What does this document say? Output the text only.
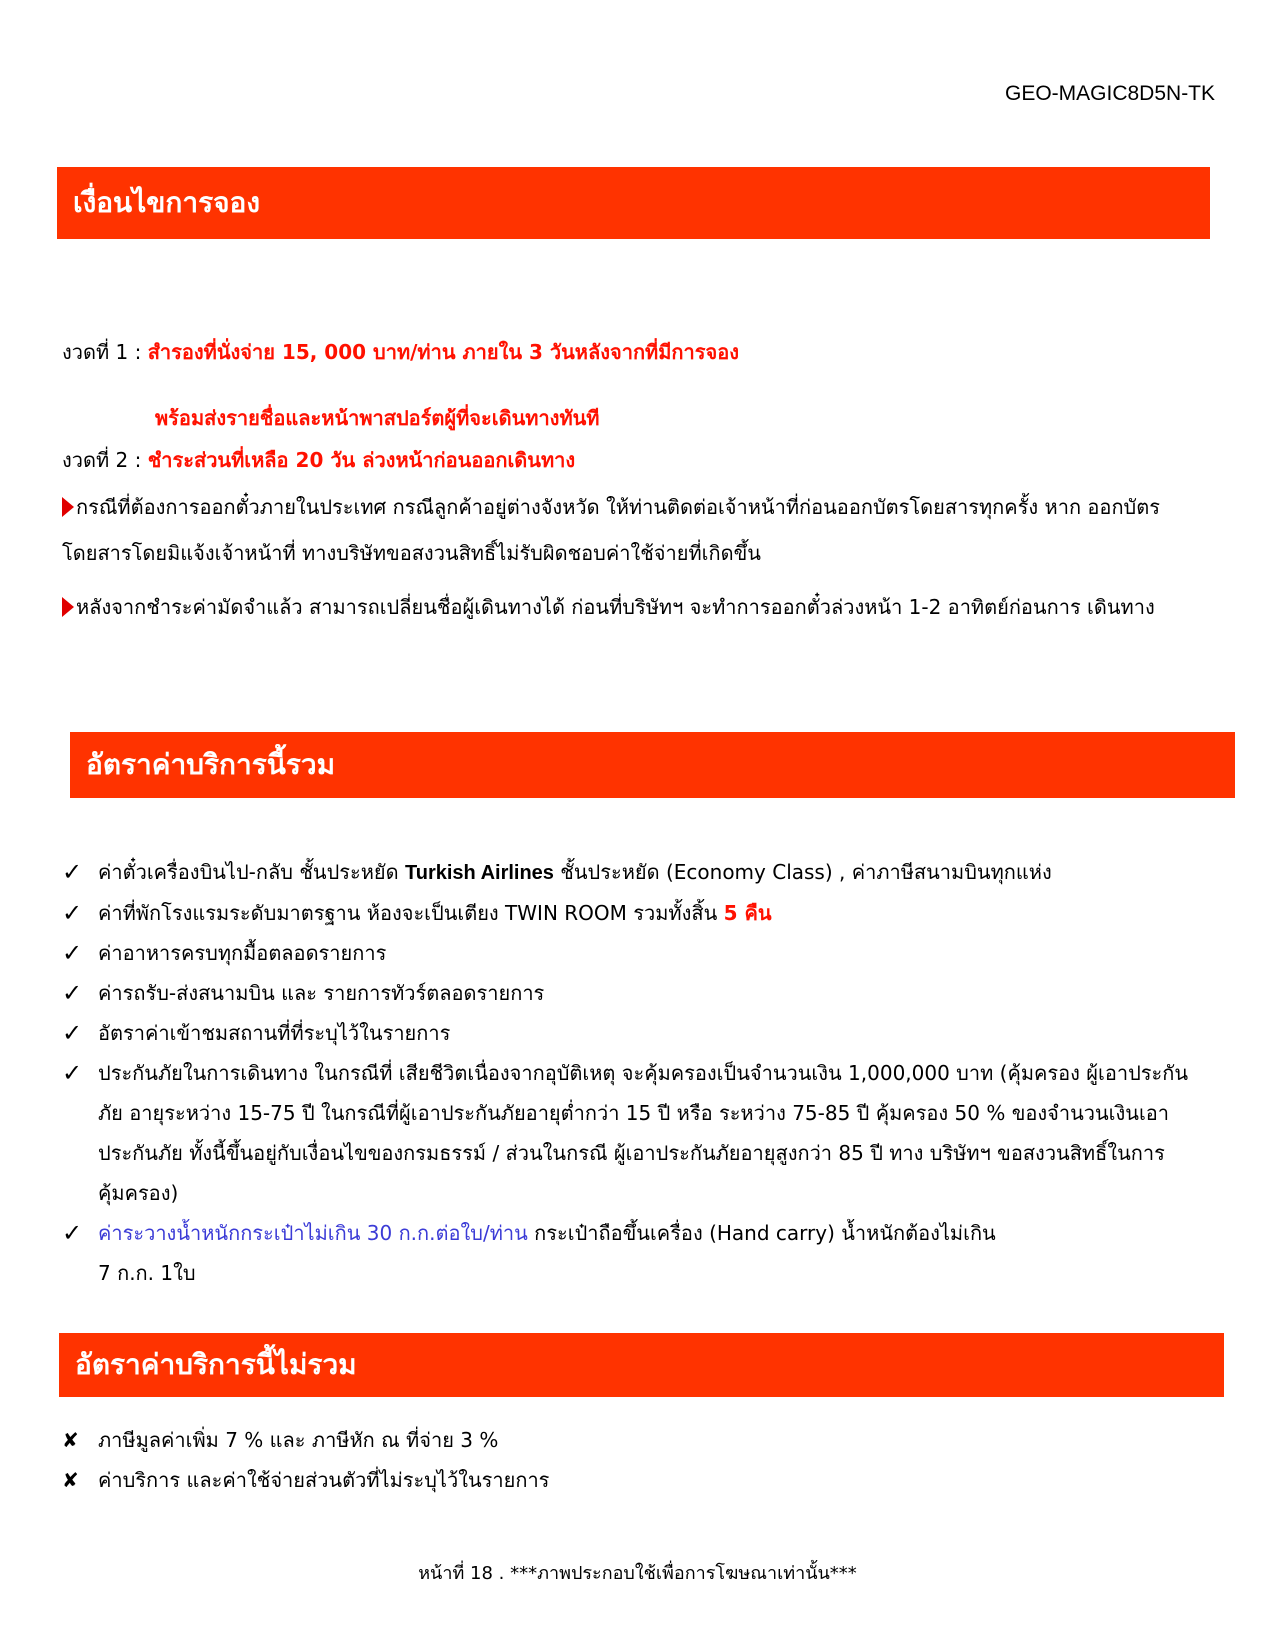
GEO-MAGIC8D5N-TK
เงื่อนไขการจอง
งวดที่ 1 : สำรองที่นั่งจ่าย 15, 000 บาท/ท่าน ภายใน 3 วันหลังจากที่มีการจอง
พร้อมส่งรายชื่อและหน้าพาสปอร์ตผู้ที่จะเดินทางทันที
งวดที่ 2 : ชำระส่วนที่เหลือ 20 วัน ล่วงหน้าก่อนออกเดินทาง
กรณีที่ต้องการออกตั๋วภายในประเทศ กรณีลูกค้าอยู่ต่างจังหวัด ให้ท่านติดต่อเจ้าหน้าที่ก่อนออกบัตรโดยสารทุกครั้ง หาก ออกบัตรโดยสารโดยมิแจ้งเจ้าหน้าที่ ทางบริษัทขอสงวนสิทธิ์ไม่รับผิดชอบค่าใช้จ่ายที่เกิดขึ้น
หลังจากชำระค่ามัดจำแล้ว สามารถเปลี่ยนชื่อผู้เดินทางได้ ก่อนที่บริษัทฯ จะทำการออกตั๋วล่วงหน้า 1-2 อาทิตย์ก่อนการ เดินทาง
อัตราค่าบริการนี้รวม
✓ ค่าตั๋วเครื่องบินไป-กลับ ชั้นประหยัด Turkish Airlines ชั้นประหยัด (Economy Class) , ค่าภาษีสนามบินทุกแห่ง
✓ ค่าที่พักโรงแรมระดับมาตรฐาน ห้องจะเป็นเตียง TWIN ROOM รวมทั้งสิ้น 5 คืน
✓ ค่าอาหารครบทุกมื้อตลอดรายการ
✓ ค่ารถรับ-ส่งสนามบิน และ รายการทัวร์ตลอดรายการ
✓ อัตราค่าเข้าชมสถานที่ที่ระบุไว้ในรายการ
✓ ประกันภัยในการเดินทาง ในกรณีที่ เสียชีวิตเนื่องจากอุบัติเหตุ จะคุ้มครองเป็นจำนวนเงิน 1,000,000 บาท (คุ้มครอง ผู้เอาประกันภัย อายุระหว่าง 15-75 ปี ในกรณีที่ผู้เอาประกันภัยอายุต่ำกว่า 15 ปี หรือ ระหว่าง 75-85 ปี คุ้มครอง 50 % ของจำนวนเงินเอาประกันภัย ทั้งนี้ขึ้นอยู่กับเงื่อนไขของกรมธรรม์ / ส่วนในกรณี ผู้เอาประกันภัยอายุสูงกว่า 85 ปี ทาง บริษัทฯ ขอสงวนสิทธิ์ในการคุ้มครอง)
✓ ค่าระวางน้ำหนักกระเป๋าไม่เกิน 30 ก.ก.ต่อใบ/ท่าน กระเป๋าถือขึ้นเครื่อง (Hand carry) น้ำหนักต้องไม่เกิน
7 ก.ก. 1ใบ
อัตราค่าบริการนี้ไม่รวม
✘ ภาษีมูลค่าเพิ่ม 7 % และ ภาษีหัก ณ ที่จ่าย 3 %
✘ ค่าบริการ และค่าใช้จ่ายส่วนตัวที่ไม่ระบุไว้ในรายการ
หน้าที่ 18 . ***ภาพประกอบใช้เพื่อการโฆษณาเท่านั้น***
